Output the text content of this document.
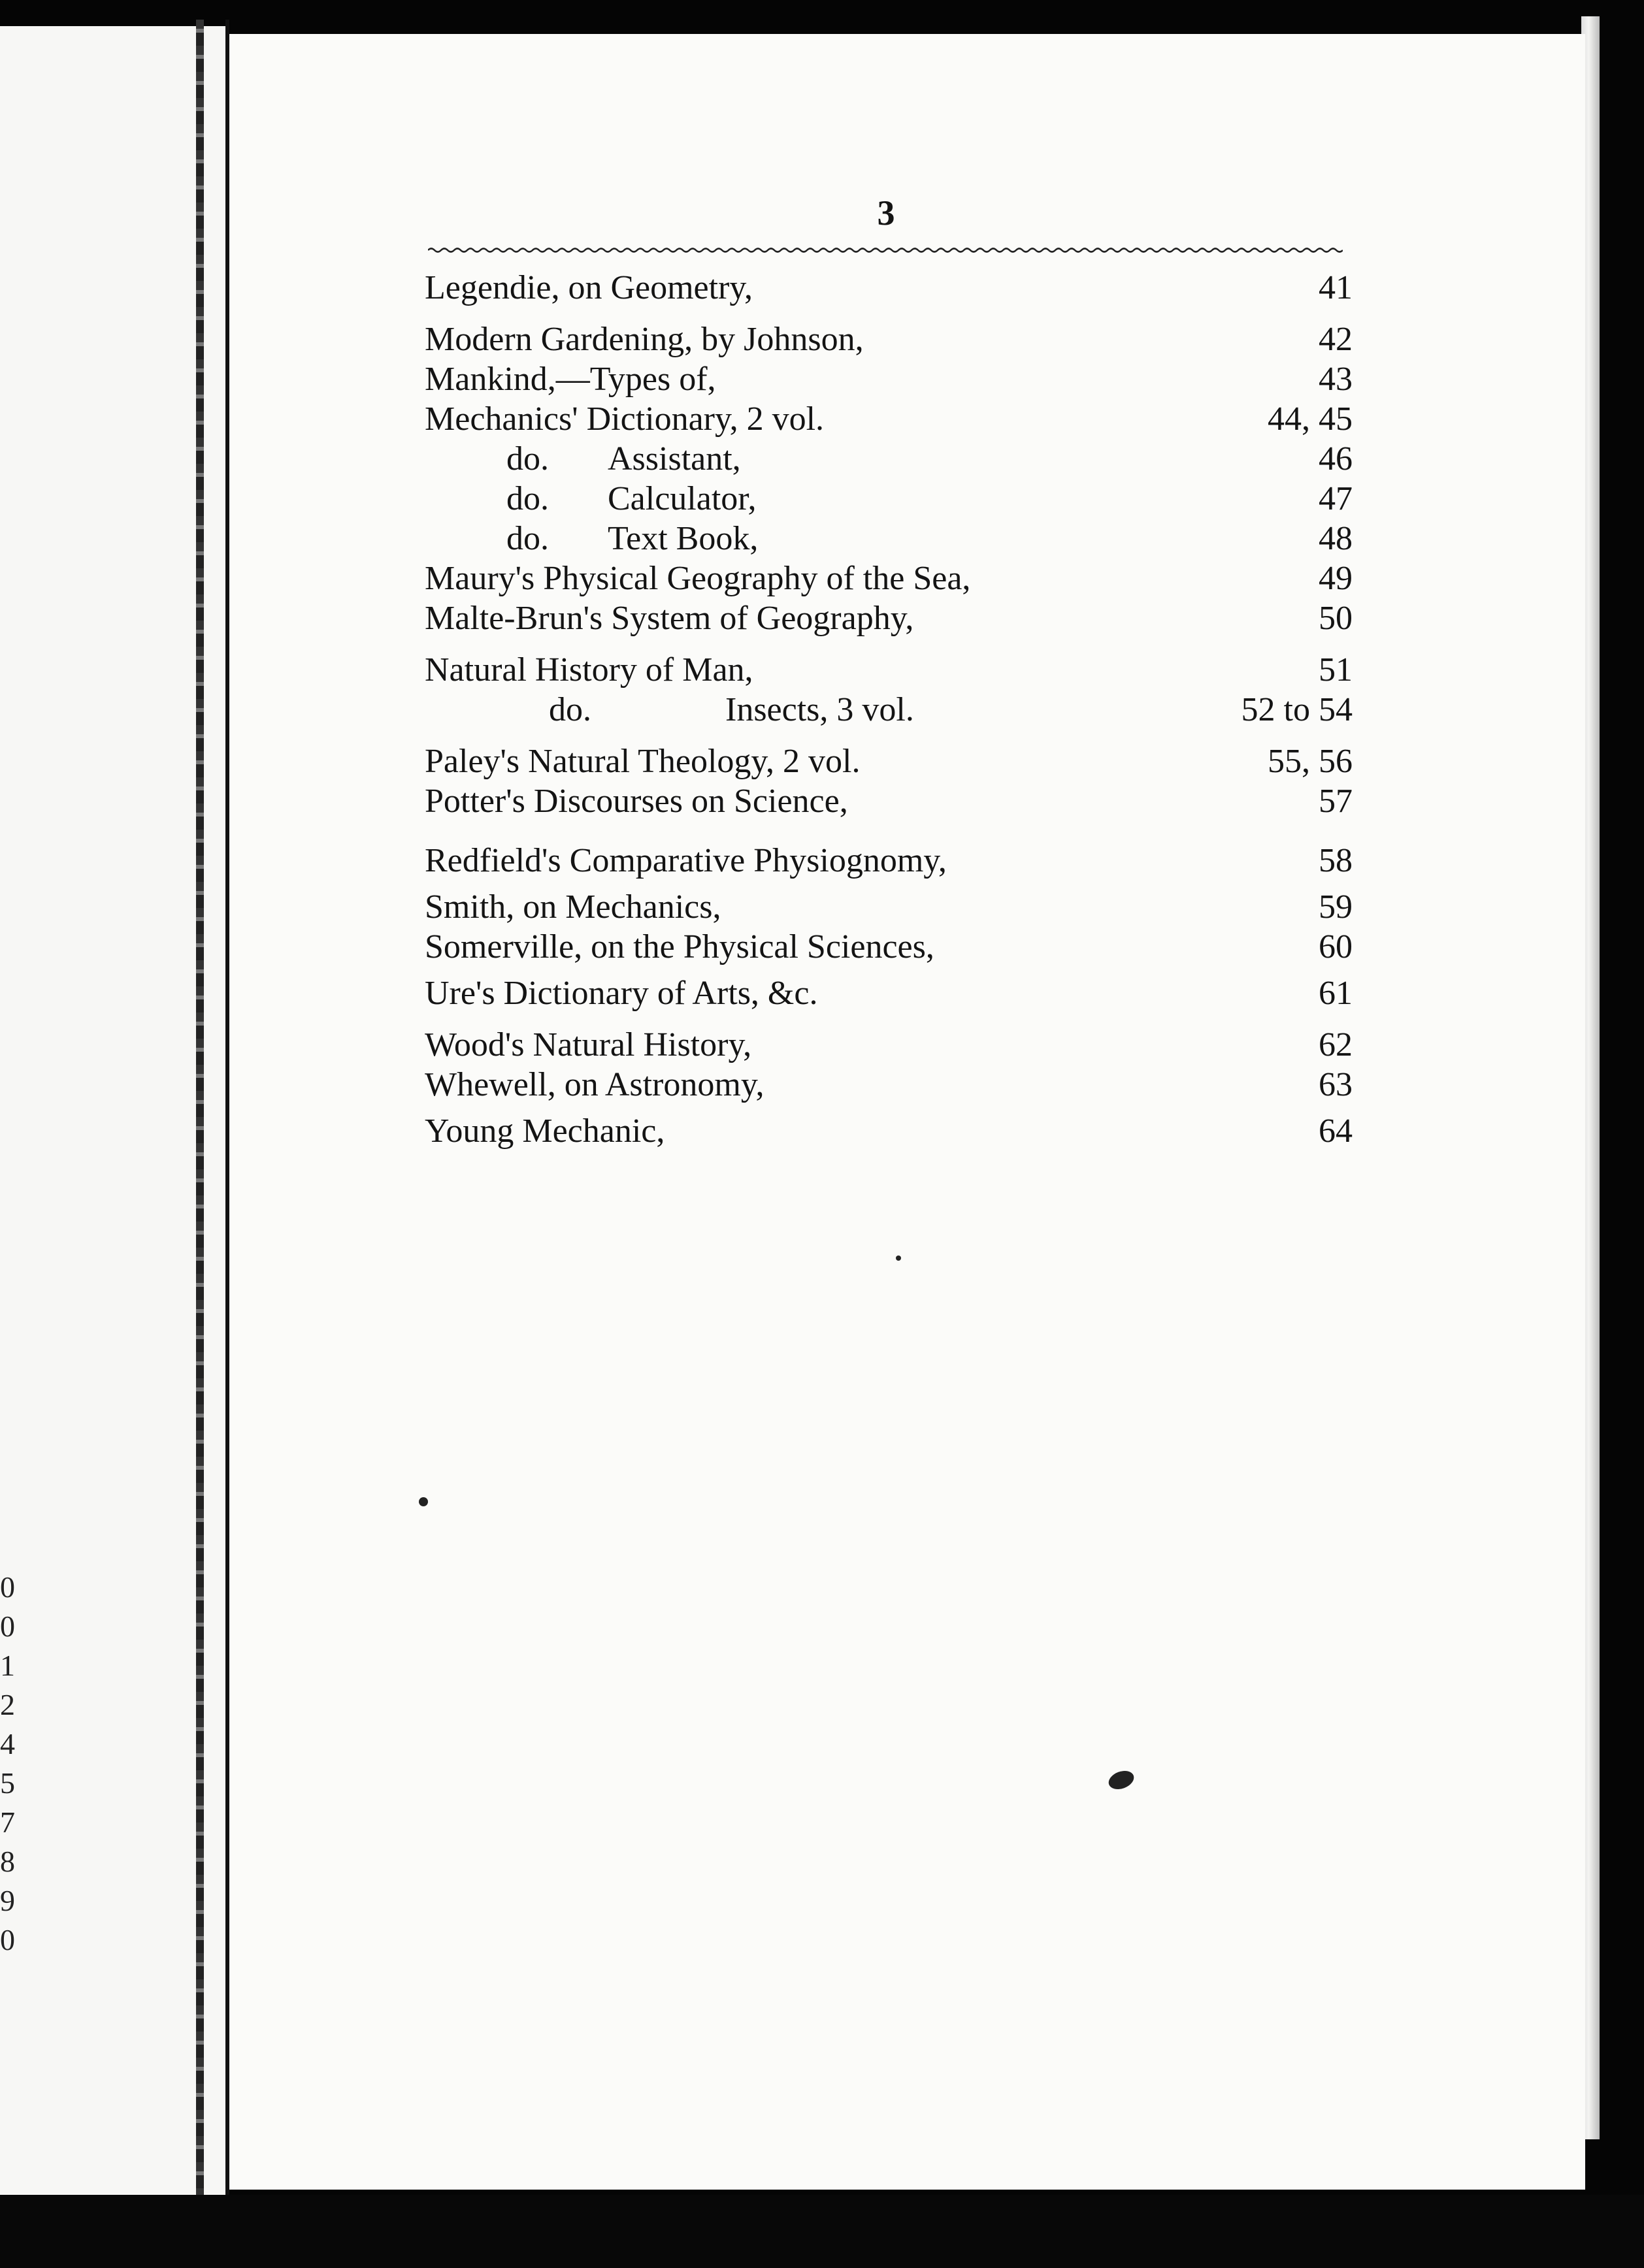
0
0
1
2
4
5
7
8
9
0
3
Legendie, on Geometry,	41
Modern Gardening, by Johnson,	42
Mankind,—Types of,	43
Mechanics' Dictionary, 2 vol.	44, 45
do. Assistant,	46
do. Calculator,	47
do. Text Book,	48
Maury's Physical Geography of the Sea,	49
Malte-Brun's System of Geography,	50
Natural History of Man,	51
do.	Insects, 3 vol.	52 to 54
Paley's Natural Theology, 2 vol.	55, 56
Potter's Discourses on Science,	57
Redfield's Comparative Physiognomy,	58
Smith, on Mechanics,	59
Somerville, on the Physical Sciences,	60
Ure's Dictionary of Arts, &c.	61
Wood's Natural History,	62
Whewell, on Astronomy,	63
Young Mechanic,	64
